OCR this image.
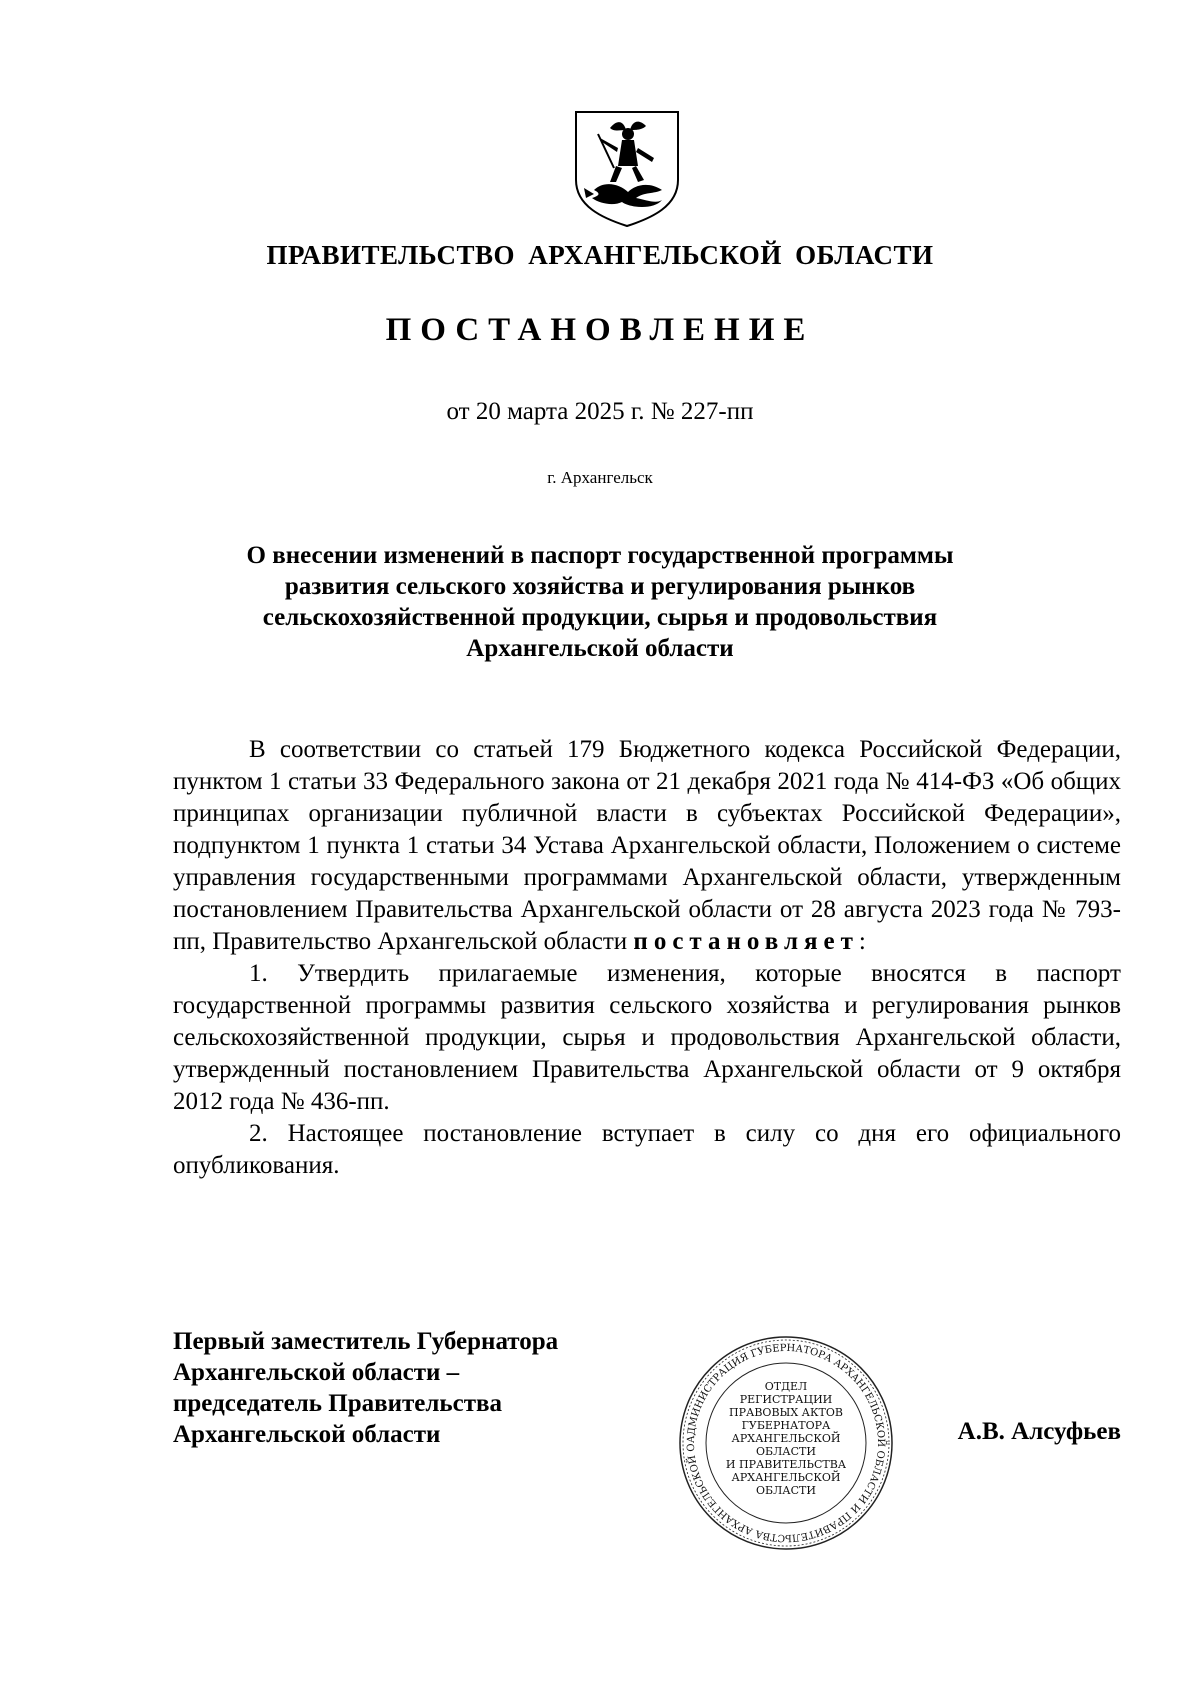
ПРАВИТЕЛЬСТВО АРХАНГЕЛЬСКОЙ ОБЛАСТИ
ПОСТАНОВЛЕНИЕ
от 20 марта 2025 г. № 227-пп
г. Архангельск
О внесении изменений в паспорт государственной программы
развития сельского хозяйства и регулирования рынков
сельскохозяйственной продукции, сырья и продовольствия
Архангельской области

В соответствии со статьей 179 Бюджетного кодекса Российской Федерации, пунктом 1 статьи 33 Федерального закона от 21 декабря 2021 года № 414-ФЗ «Об общих принципах организации публичной власти в субъектах Российской Федерации», подпунктом 1 пункта 1 статьи 34 Устава Архангельской области, Положением о системе управления государственными программами Архангельской области, утвержденным постановлением Правительства Архангельской области от 28 августа 2023 года № 793-пп, Правительство Архангельской области постановляет:

1. Утвердить прилагаемые изменения, которые вносятся в паспорт государственной программы развития сельского хозяйства и регулирования рынков сельскохозяйственной продукции, сырья и продовольствия Архангельской области, утвержденный постановлением Правительства Архангельской области от 9 октября 2012 года № 436-пп.

2. Настоящее постановление вступает в силу со дня его официального опубликования.

Первый заместитель Губернатора
Архангельской области –
председатель Правительства
Архангельской области	АДМИНИСТРАЦИЯ ГУБЕРНАТОРА АРХАНГЕЛЬСКОЙ ОБЛАСТИ И ПРАВИТЕЛЬСТВА АРХАНГЕЛЬСКОЙ О
ОТДЕЛ
РЕГИСТРАЦИИ
ПРАВОВЫХ АКТОВ
ГУБЕРНАТОРА
АРХАНГЕЛЬСКОЙ
ОБЛАСТИ
И ПРАВИТЕЛЬСТВА
АРХАНГЕЛЬСКОЙ
ОБЛАСТИ
А.В. Алсуфьев
